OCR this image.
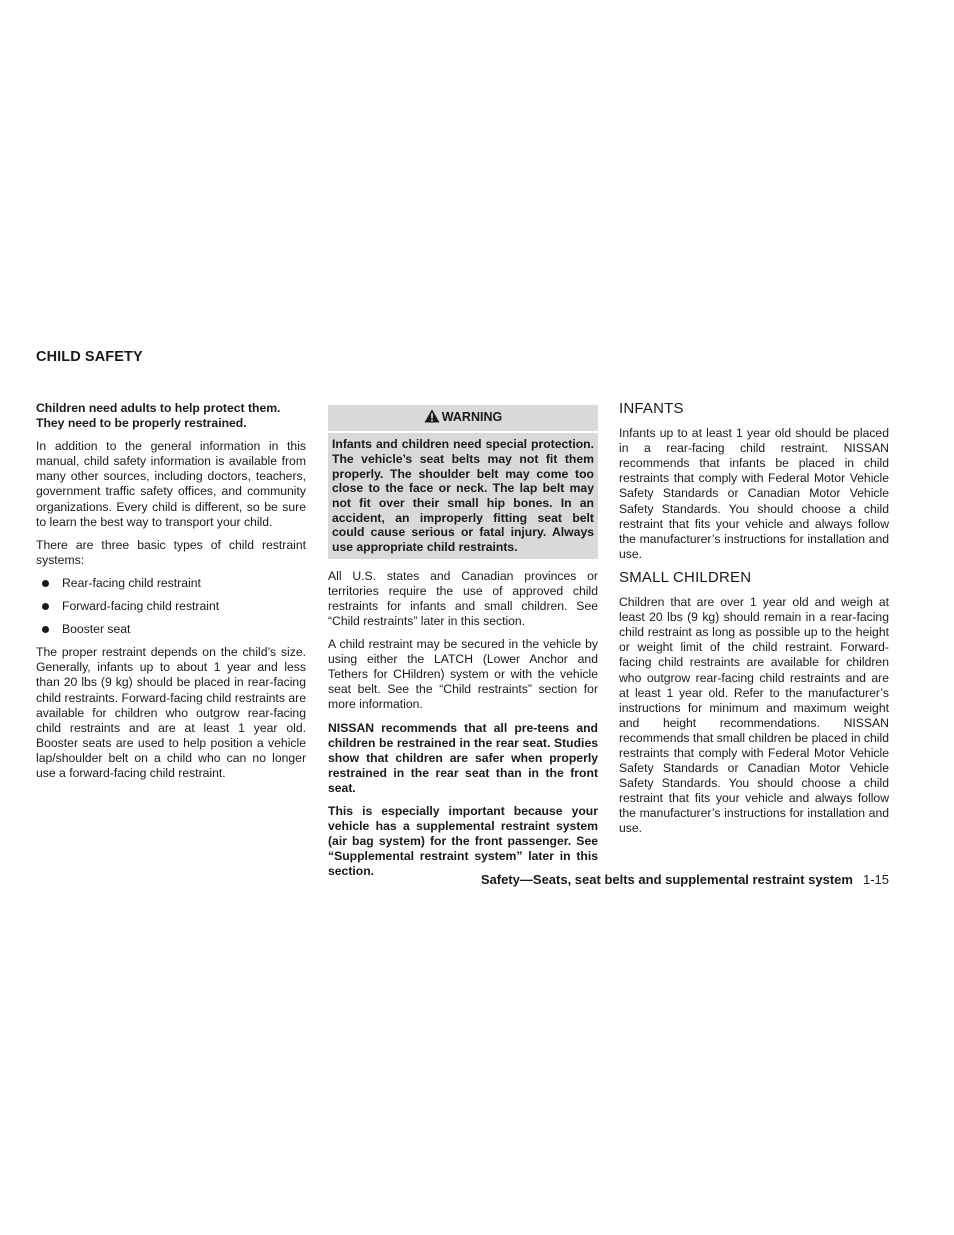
CHILD SAFETY

Children need adults to help protect them. They need to be properly restrained.

In addition to the general information in this manual, child safety information is available from many other sources, including doctors, teachers, government traffic safety offices, and community organizations. Every child is different, so be sure to learn the best way to transport your child.

There are three basic types of child restraint systems:

Rear-facing child restraint
Forward-facing child restraint
Booster seat

The proper restraint depends on the child’s size. Generally, infants up to about 1 year and less than 20 lbs (9 kg) should be placed in rear-facing child restraints. Forward-facing child restraints are available for children who outgrow rear-facing child restraints and are at least 1 year old. Booster seats are used to help position a vehicle lap/shoulder belt on a child who can no longer use a forward-facing child restraint.

WARNING
Infants and children need special protection. The vehicle’s seat belts may not fit them properly. The shoulder belt may come too close to the face or neck. The lap belt may not fit over their small hip bones. In an accident, an improperly fitting seat belt could cause serious or fatal injury. Always use appropriate child restraints.

All U.S. states and Canadian provinces or territories require the use of approved child restraints for infants and small children. See “Child restraints” later in this section.

A child restraint may be secured in the vehicle by using either the LATCH (Lower Anchor and Tethers for CHildren) system or with the vehicle seat belt. See the “Child restraints” section for more information.

NISSAN recommends that all pre-teens and children be restrained in the rear seat. Studies show that children are safer when properly restrained in the rear seat than in the front seat.

This is especially important because your vehicle has a supplemental restraint system (air bag system) for the front passenger. See “Supplemental restraint system” later in this section.

INFANTS

Infants up to at least 1 year old should be placed in a rear-facing child restraint. NISSAN recommends that infants be placed in child restraints that comply with Federal Motor Vehicle Safety Standards or Canadian Motor Vehicle Safety Standards. You should choose a child restraint that fits your vehicle and always follow the manufacturer’s instructions for installation and use.

SMALL CHILDREN

Children that are over 1 year old and weigh at least 20 lbs (9 kg) should remain in a rear-facing child restraint as long as possible up to the height or weight limit of the child restraint. Forward-facing child restraints are available for children who outgrow rear-facing child restraints and are at least 1 year old. Refer to the manufacturer’s instructions for minimum and maximum weight and height recommendations. NISSAN recommends that small children be placed in child restraints that comply with Federal Motor Vehicle Safety Standards or Canadian Motor Vehicle Safety Standards. You should choose a child restraint that fits your vehicle and always follow the manufacturer’s instructions for installation and use.

Safety—Seats, seat belts and supplemental restraint system 1-15
